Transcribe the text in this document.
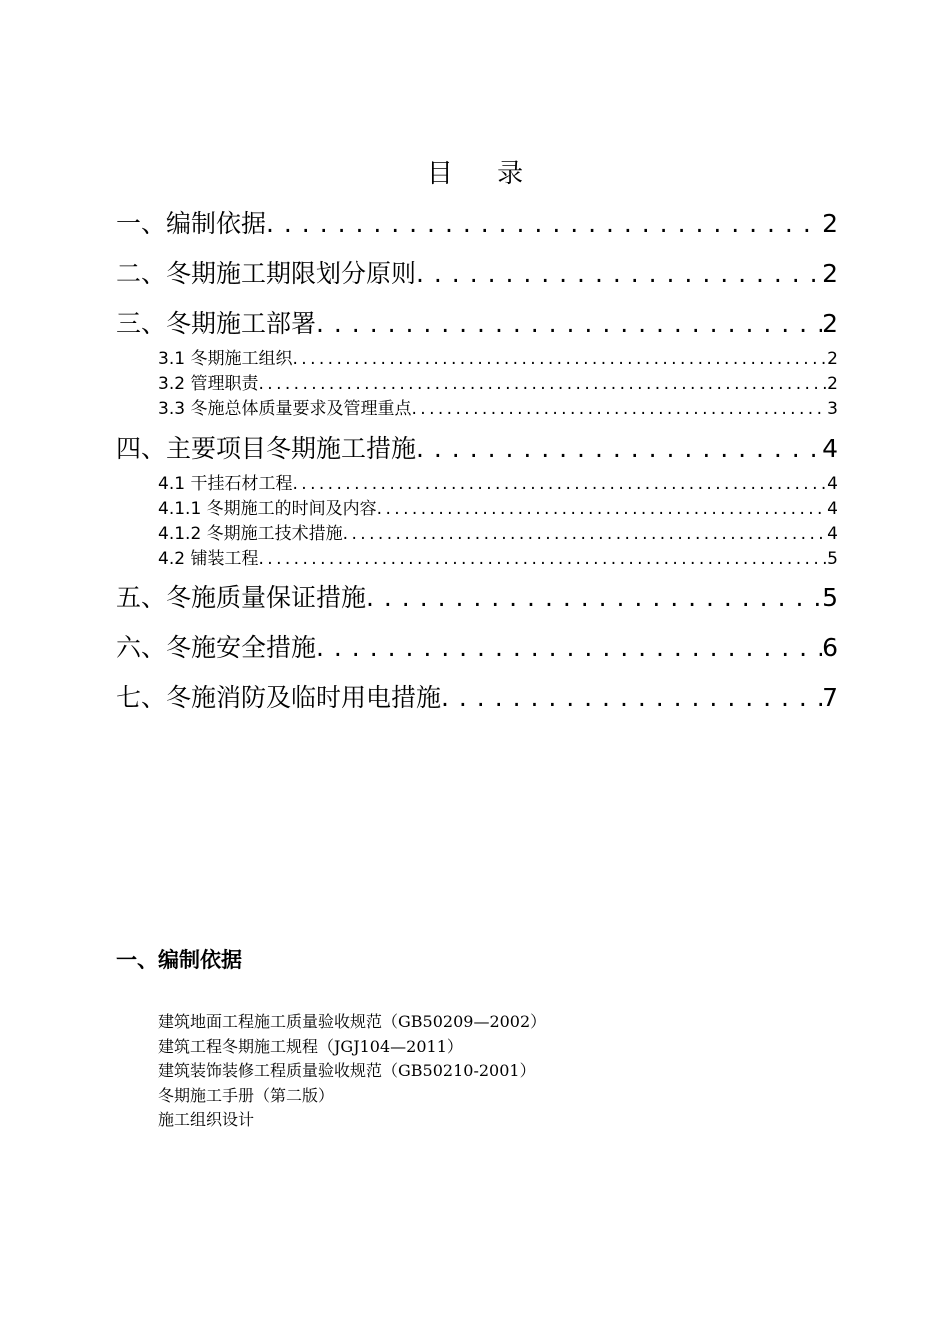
目 录
一、编制依据 . . .	2
二、冬期施工期限划分原则 . . .	2
三、冬期施工部署 . . .	2
3.1 冬期施工组织 . . .	2
3.2 管理职责 . . .	2
3.3 冬施总体质量要求及管理重点 . . .	3
四、主要项目冬期施工措施 . . .	4
4.1 干挂石材工程 . . .	4
4.1.1 冬期施工的时间及内容 . . .	4
4.1.2 冬期施工技术措施 . . .	4
4.2 铺装工程 . . .	5
五、冬施质量保证措施 . . .	5
六、冬施安全措施 . . .	6
七、冬施消防及临时用电措施 . . .	7
一、编制依据
建筑地面工程施工质量验收规范（GB50209—2002）
建筑工程冬期施工规程（JGJ104—2011）
建筑装饰装修工程质量验收规范（GB50210-2001）
冬期施工手册（第二版）
施工组织设计
